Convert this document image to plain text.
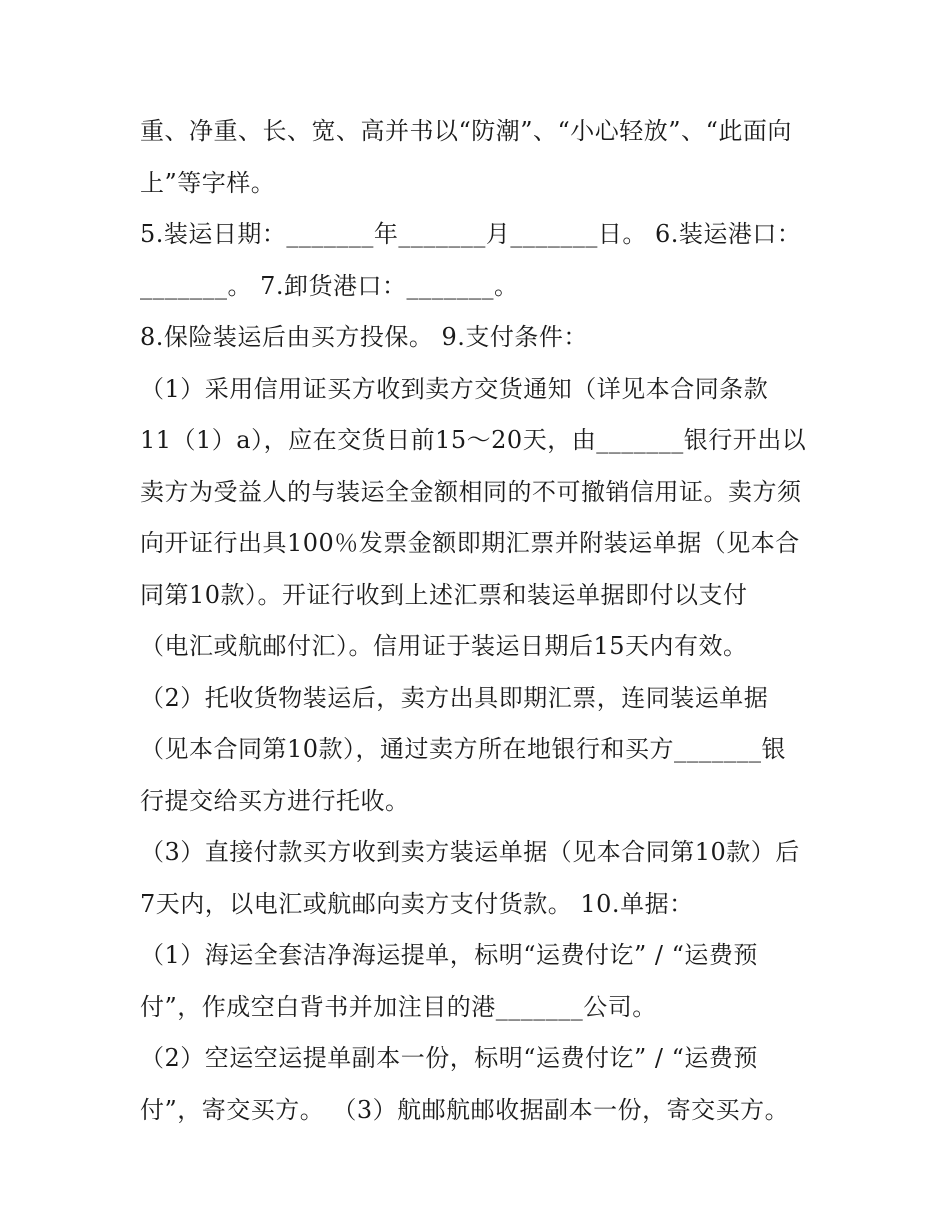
重、净重、长、宽、高并书以“防潮”、“小心轻放”、“此面向
上”等字样。
5.装运日期：_______年_______月_______日。 6.装运港口：
_______。 7.卸货港口：_______。
8.保险装运后由买方投保。 9.支付条件：
（1）采用信用证买方收到卖方交货通知（详见本合同条款
11（1）a），应在交货日前15～20天，由_______银行开出以
卖方为受益人的与装运全金额相同的不可撤销信用证。卖方须
向开证行出具100％发票金额即期汇票并附装运单据（见本合
同第10款）。开证行收到上述汇票和装运单据即付以支付
（电汇或航邮付汇）。信用证于装运日期后15天内有效。
（2）托收货物装运后，卖方出具即期汇票，连同装运单据
（见本合同第10款），通过卖方所在地银行和买方_______银
行提交给买方进行托收。
（3）直接付款买方收到卖方装运单据（见本合同第10款）后
7天内，以电汇或航邮向卖方支付货款。 10.单据：
（1）海运全套洁净海运提单，标明“运费付讫” / “运费预
付”，作成空白背书并加注目的港_______公司。
（2）空运空运提单副本一份，标明“运费付讫” / “运费预
付”，寄交买方。 （3）航邮航邮收据副本一份，寄交买方。
